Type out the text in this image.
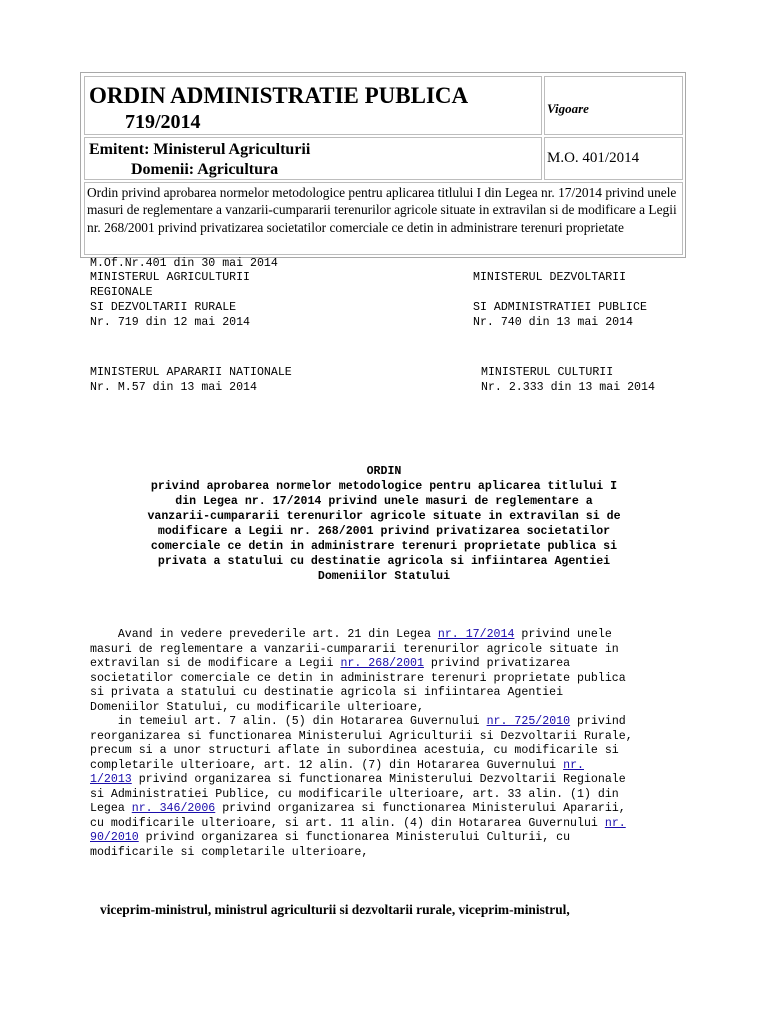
ORDIN ADMINISTRATIE PUBLICA
719/2014
Vigoare
Emitent: Ministerul Agriculturii
Domenii: Agricultura
M.O. 401/2014
Ordin privind aprobarea normelor metodologice pentru aplicarea titlului I din Legea nr. 17/2014 privind unele masuri de reglementare a vanzarii-cumpararii terenurilor agricole situate in extravilan si de modificare a Legii nr. 268/2001 privind privatizarea societatilor comerciale ce detin in administrare terenuri proprietate
M.Of.Nr.401 din 30 mai 2014
MINISTERUL AGRICULTURII
REGIONALE
SI DEZVOLTARII RURALE
Nr. 719 din 12 mai 2014
MINISTERUL DEZVOLTARII
SI ADMINISTRATIEI PUBLICE
Nr. 740 din 13 mai 2014
MINISTERUL APARARII NATIONALE
Nr. M.57 din 13 mai 2014
MINISTERUL CULTURII
Nr. 2.333 din 13 mai 2014
ORDIN
privind aprobarea normelor metodologice pentru aplicarea titlului I
din Legea nr. 17/2014 privind unele masuri de reglementare a
vanzarii-cumpararii terenurilor agricole situate in extravilan si de
modificare a Legii nr. 268/2001 privind privatizarea societatilor
comerciale ce detin in administrare terenuri proprietate publica si
privata a statului cu destinatie agricola si infiintarea Agentiei
Domeniilor Statului
Avand in vedere prevederile art. 21 din Legea nr. 17/2014 privind unele
masuri de reglementare a vanzarii-cumpararii terenurilor agricole situate in
extravilan si de modificare a Legii nr. 268/2001 privind privatizarea
societatilor comerciale ce detin in administrare terenuri proprietate publica
si privata a statului cu destinatie agricola si infiintarea Agentiei
Domeniilor Statului, cu modificarile ulterioare,
in temeiul art. 7 alin. (5) din Hotararea Guvernului nr. 725/2010 privind
reorganizarea si functionarea Ministerului Agriculturii si Dezvoltarii Rurale,
precum si a unor structuri aflate in subordinea acestuia, cu modificarile si
completarile ulterioare, art. 12 alin. (7) din Hotararea Guvernului nr.
1/2013 privind organizarea si functionarea Ministerului Dezvoltarii Regionale
si Administratiei Publice, cu modificarile ulterioare, art. 33 alin. (1) din
Legea nr. 346/2006 privind organizarea si functionarea Ministerului Apararii,
cu modificarile ulterioare, si art. 11 alin. (4) din Hotararea Guvernului nr.
90/2010 privind organizarea si functionarea Ministerului Culturii, cu
modificarile si completarile ulterioare,
viceprim-ministrul, ministrul agriculturii si dezvoltarii rurale, viceprim-ministrul,
